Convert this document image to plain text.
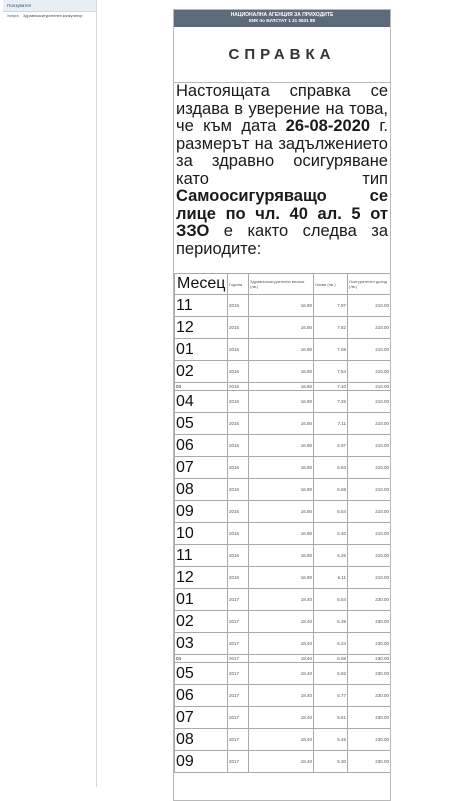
Ползувател
Услуга	Здравноосигурителен калкулатор	НАЦИОНАЛНА АГЕНЦИЯ ЗА ПРИХОДИТЕ
ЕИК по БУЛСТАТ 1 31 0631 88
СПРАВКА
Настоящата справка се издава в уверение на това, че към дата 26-08-2020 г. размерът на задължението за здравно осигуряване като тип Самоосигуряващо се лице по чл. 40 ал. 5 от ЗЗО е както следва за периодите:
Месец	Година	Здравноосигурителни вноски (лв.)	Лихви (лв.)	Осигурителен доход (лв.)
11	2015	16.80	7.97	210.00
12	2015	16.80	7.82	210.00
01	2016	16.80	7.68	210.00
02	2016	16.80	7.54	210.00
03	2016	16.80	7.40	210.00
04	2016	16.80	7.26	210.00
05	2016	16.80	7.11	210.00
06	2016	16.80	6.97	210.00
07	2016	16.80	6.83	210.00
08	2016	16.80	6.68	210.00
09	2016	16.80	6.54	210.00
10	2016	16.80	6.40	210.00
11	2016	16.80	6.26	210.00
12	2016	16.80	6.11	210.00
01	2017	18.40	6.54	230.00
02	2017	18.40	6.39	230.00
03	2017	18.40	6.24	230.00
04	2017	18.40	6.08	230.00
05	2017	18.40	5.92	230.00
06	2017	18.40	5.77	230.00
07	2017	18.40	5.61	230.00
08	2017	18.40	5.45	230.00
09	2017	18.40	5.30	230.00
